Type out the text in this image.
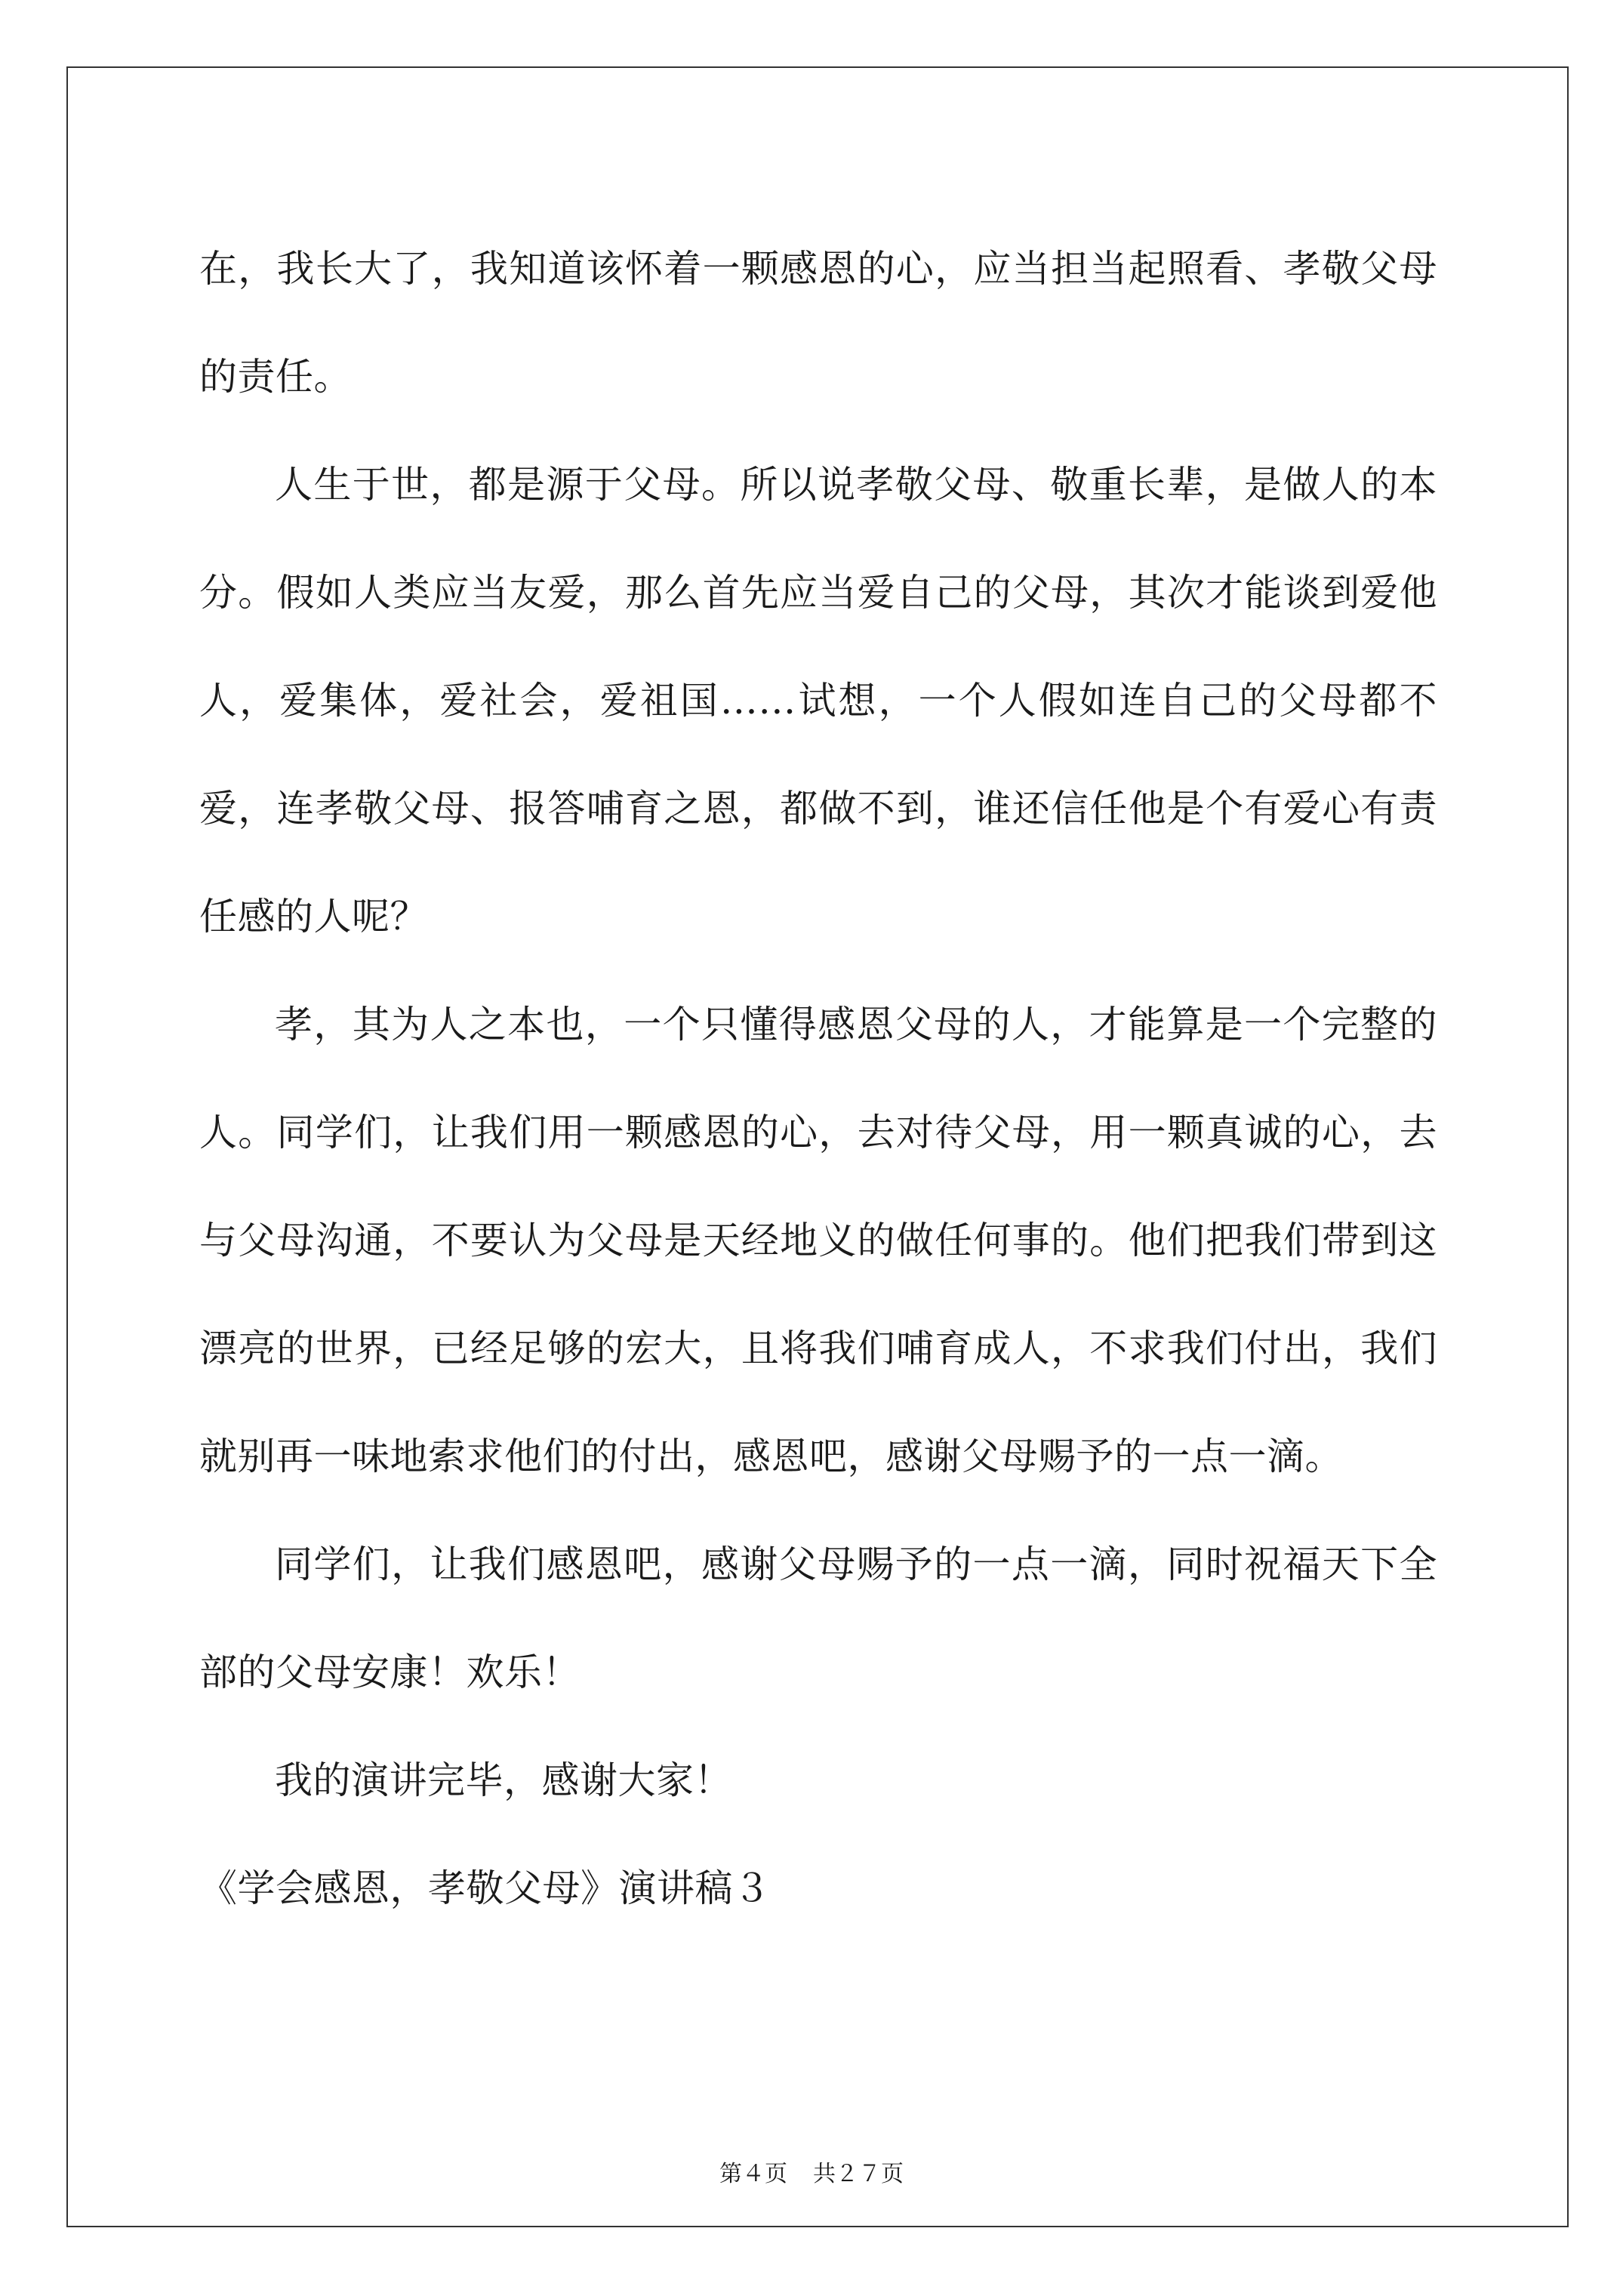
在，我长大了，我知道该怀着一颗感恩的心，应当担当起照看、孝敬父母的责任。

人生于世，都是源于父母。所以说孝敬父母、敬重长辈，是做人的本分。假如人类应当友爱，那么首先应当爱自己的父母，其次才能谈到爱他人，爱集体，爱社会，爱祖国……试想，一个人假如连自己的父母都不爱，连孝敬父母、报答哺育之恩，都做不到，谁还信任他是个有爱心有责任感的人呢？

孝，其为人之本也，一个只懂得感恩父母的人，才能算是一个完整的人。同学们，让我们用一颗感恩的心，去对待父母，用一颗真诚的心，去与父母沟通，不要认为父母是天经地义的做任何事的。他们把我们带到这漂亮的世界，已经足够的宏大，且将我们哺育成人，不求我们付出，我们就别再一味地索求他们的付出，感恩吧，感谢父母赐予的一点一滴。

同学们，让我们感恩吧，感谢父母赐予的一点一滴，同时祝福天下全部的父母安康！欢乐！

我的演讲完毕，感谢大家！

《学会感恩，孝敬父母》演讲稿３

第４页 共２７页
